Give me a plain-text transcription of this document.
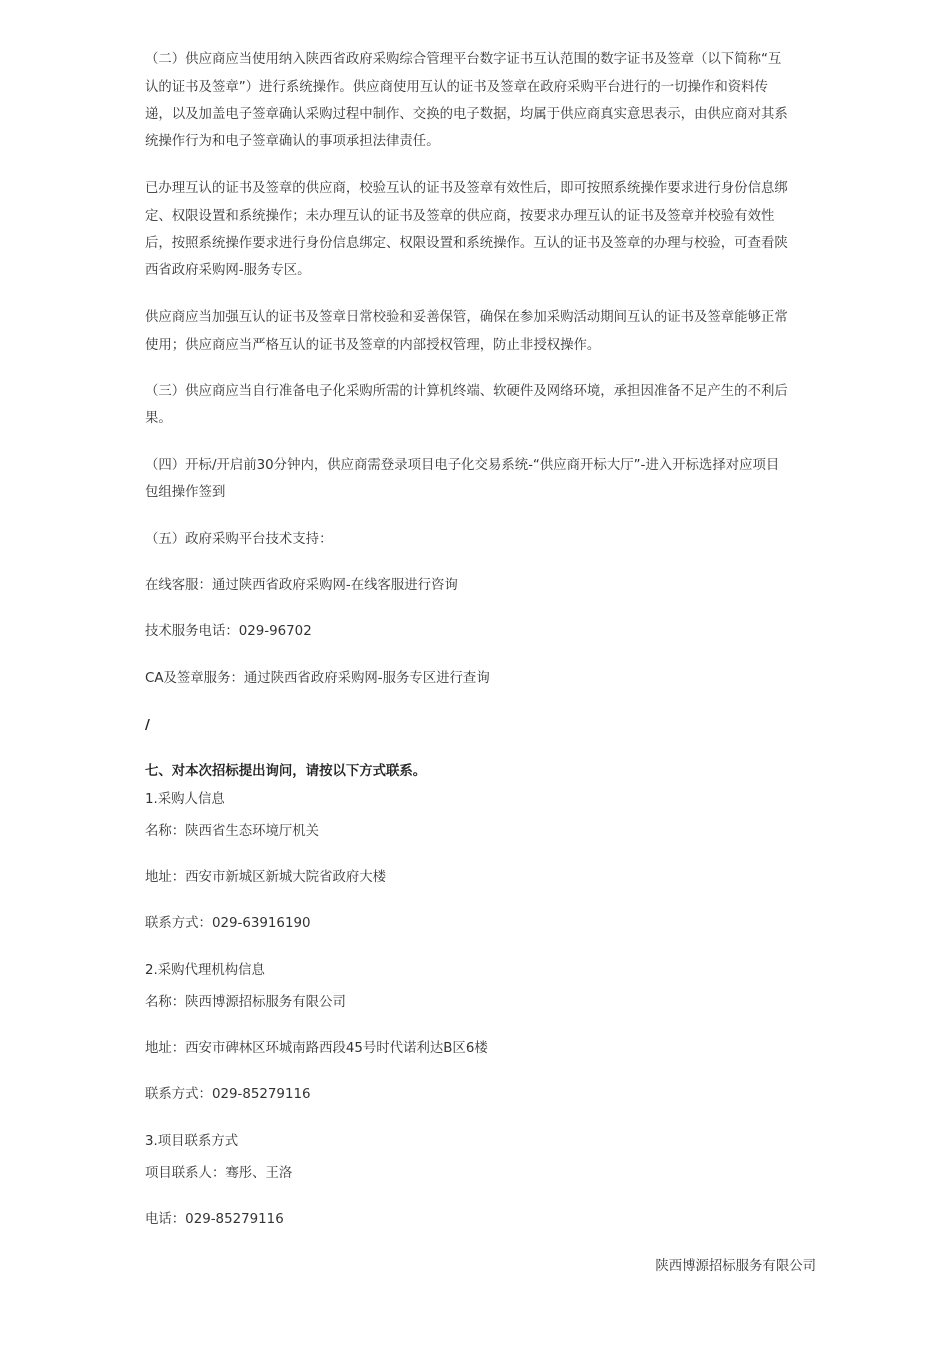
（二）供应商应当使用纳入陕西省政府采购综合管理平台数字证书互认范围的数字证书及签章（以下简称“互
认的证书及签章”）进行系统操作。供应商使用互认的证书及签章在政府采购平台进行的一切操作和资料传
递，以及加盖电子签章确认采购过程中制作、交换的电子数据，均属于供应商真实意思表示，由供应商对其系
统操作行为和电子签章确认的事项承担法律责任。
已办理互认的证书及签章的供应商，校验互认的证书及签章有效性后，即可按照系统操作要求进行身份信息绑
定、权限设置和系统操作；未办理互认的证书及签章的供应商，按要求办理互认的证书及签章并校验有效性
后，按照系统操作要求进行身份信息绑定、权限设置和系统操作。互认的证书及签章的办理与校验，可查看陕
西省政府采购网-服务专区。
供应商应当加强互认的证书及签章日常校验和妥善保管，确保在参加采购活动期间互认的证书及签章能够正常
使用；供应商应当严格互认的证书及签章的内部授权管理，防止非授权操作。
（三）供应商应当自行准备电子化采购所需的计算机终端、软硬件及网络环境，承担因准备不足产生的不利后
果。
（四）开标/开启前30分钟内，供应商需登录项目电子化交易系统-“供应商开标大厅”-进入开标选择对应项目
包组操作签到
（五）政府采购平台技术支持：
在线客服：通过陕西省政府采购网-在线客服进行咨询
技术服务电话：029-96702
CA及签章服务：通过陕西省政府采购网-服务专区进行查询
/
七、对本次招标提出询问，请按以下方式联系。
1.采购人信息
名称：陕西省生态环境厅机关
地址：西安市新城区新城大院省政府大楼
联系方式：029-63916190
2.采购代理机构信息
名称：陕西博源招标服务有限公司
地址：西安市碑林区环城南路西段45号时代诺利达B区6楼
联系方式：029-85279116
3.项目联系方式
项目联系人：骞彤、王洛
电话：029-85279116
陕西博源招标服务有限公司
